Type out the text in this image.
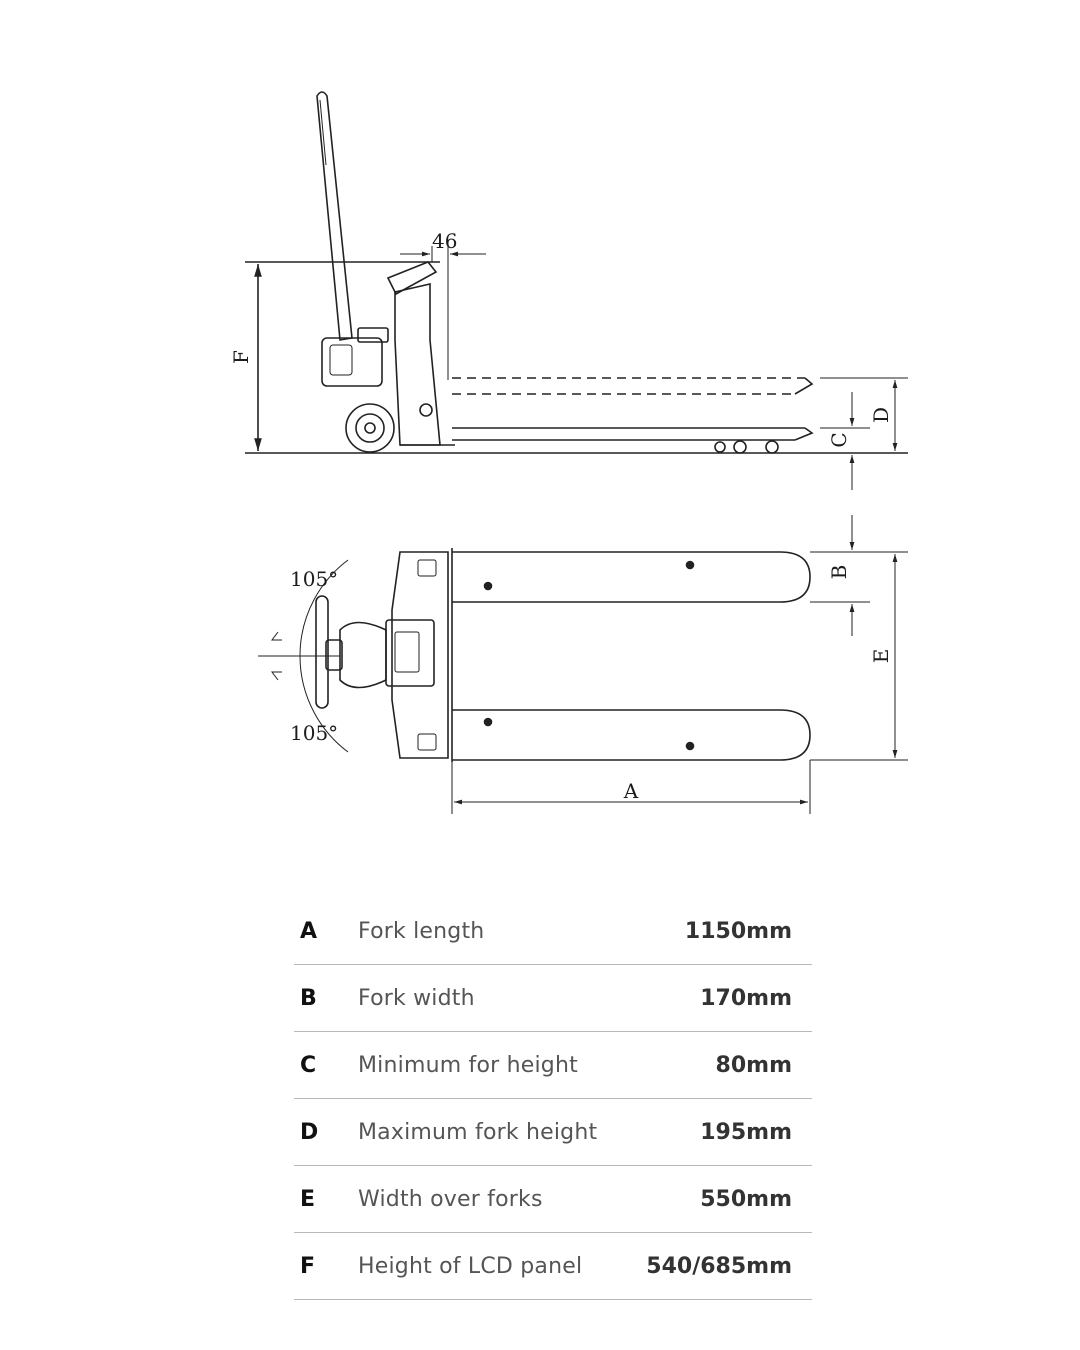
46
F
C
D
105°
105°
B
E
A
A	Fork length	1150mm
B	Fork width	170mm
C	Minimum for height	80mm
D	Maximum fork height	195mm
E	Width over forks	550mm
F	Height of LCD panel	540/685mm
